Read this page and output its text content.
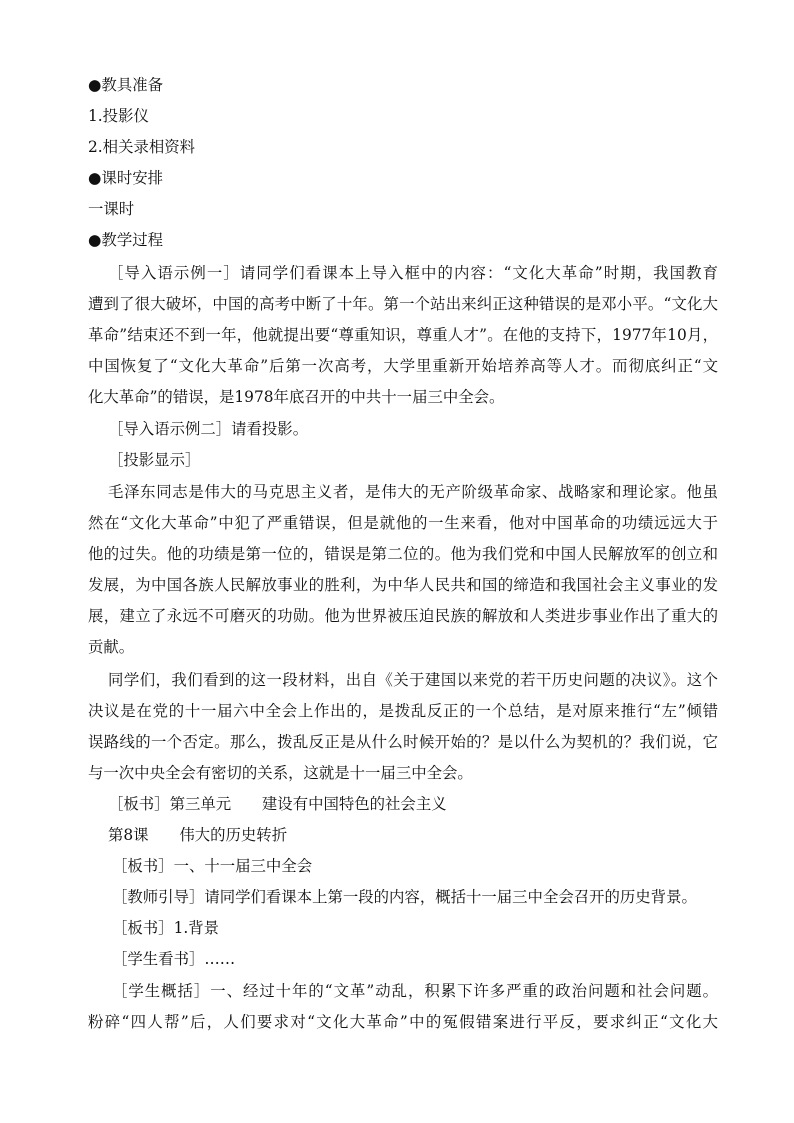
●教具准备
1.投影仪
2.相关录相资料
●课时安排
一课时
●教学过程
［导入语示例一］请同学们看课本上导入框中的内容：“文化大革命”时期，我国教育
遭到了很大破坏，中国的高考中断了十年。第一个站出来纠正这种错误的是邓小平。“文化大
革命”结束还不到一年，他就提出要“尊重知识，尊重人才”。在他的支持下，1977年10月，
中国恢复了“文化大革命”后第一次高考，大学里重新开始培养高等人才。而彻底纠正“文
化大革命”的错误，是1978年底召开的中共十一届三中全会。
［导入语示例二］请看投影。
［投影显示］
毛泽东同志是伟大的马克思主义者，是伟大的无产阶级革命家、战略家和理论家。他虽
然在“文化大革命”中犯了严重错误，但是就他的一生来看，他对中国革命的功绩远远大于
他的过失。他的功绩是第一位的，错误是第二位的。他为我们党和中国人民解放军的创立和
发展，为中国各族人民解放事业的胜利，为中华人民共和国的缔造和我国社会主义事业的发
展，建立了永远不可磨灭的功勋。他为世界被压迫民族的解放和人类进步事业作出了重大的
贡献。
同学们，我们看到的这一段材料，出自《关于建国以来党的若干历史问题的决议》。这个
决议是在党的十一届六中全会上作出的，是拨乱反正的一个总结，是对原来推行“左”倾错
误路线的一个否定。那么，拨乱反正是从什么时候开始的？是以什么为契机的？我们说，它
与一次中央全会有密切的关系，这就是十一届三中全会。
［板书］第三单元　　建设有中国特色的社会主义
第8课　　伟大的历史转折
［板书］一、十一届三中全会
［教师引导］请同学们看课本上第一段的内容，概括十一届三中全会召开的历史背景。
［板书］1.背景
［学生看书］……
［学生概括］一、经过十年的“文革”动乱，积累下许多严重的政治问题和社会问题。
粉碎“四人帮”后，人们要求对“文化大革命”中的冤假错案进行平反，要求纠正“文化大
